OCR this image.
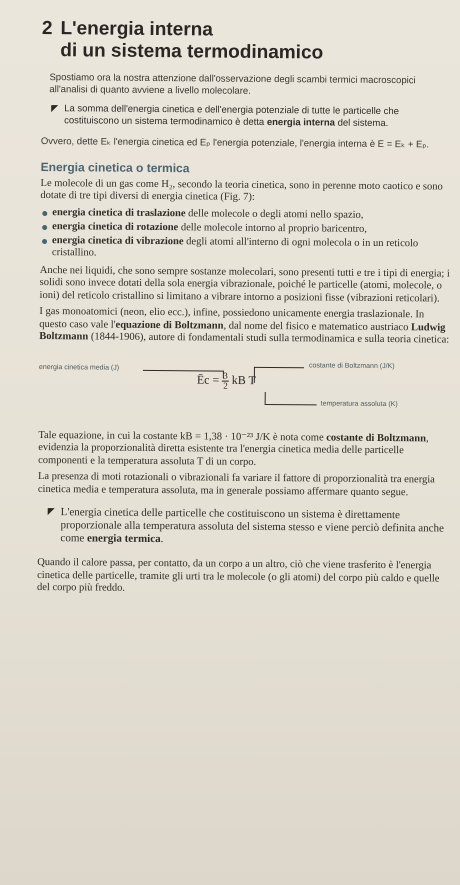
2 L'energia interna
di un sistema termodinamico

Spostiamo ora la nostra attenzione dall'osservazione degli scambi termici macroscopici all'analisi di quanto avviene a livello molecolare.

La somma dell'energia cinetica e dell'energia potenziale di tutte le particelle che costituiscono un sistema termodinamico è detta energia interna del sistema.

Ovvero, dette Eₖ l'energia cinetica ed Eₚ l'energia potenziale, l'energia interna è E = Eₖ + Eₚ.

Energia cinetica o termica

Le molecole di un gas come H₂, secondo la teoria cinetica, sono in perenne moto caotico e sono dotate di tre tipi diversi di energia cinetica (Fig. 7):

energia cinetica di traslazione delle molecole o degli atomi nello spazio,
energia cinetica di rotazione delle molecole intorno al proprio baricentro,
energia cinetica di vibrazione degli atomi all'interno di ogni molecola o in un reticolo cristallino.

Anche nei liquidi, che sono sempre sostanze molecolari, sono presenti tutti e tre i tipi di energia; i solidi sono invece dotati della sola energia vibrazionale, poiché le particelle (atomi, molecole, o ioni) del reticolo cristallino si limitano a vibrare intorno a posizioni fisse (vibrazioni reticolari).

I gas monoatomici (neon, elio ecc.), infine, possiedono unicamente energia traslazionale. In questo caso vale l'equazione di Boltzmann, dal nome del fisico e matematico austriaco Ludwig Boltzmann (1844-1906), autore di fondamentali studi sulla termodinamica e sulla teoria cinetica:

energia cinetica media (J)	costante di Boltzmann (J/K)
temperatura assoluta (K)
Ēc = $\frac{3}{2}$ kB T

Tale equazione, in cui la costante kB = 1,38 · 10⁻²³ J/K è nota come costante di Boltzmann, evidenzia la proporzionalità diretta esistente tra l'energia cinetica media delle particelle componenti e la temperatura assoluta T di un corpo.

La presenza di moti rotazionali o vibrazionali fa variare il fattore di proporzionalità tra energia cinetica media e temperatura assoluta, ma in generale possiamo affermare quanto segue.

L'energia cinetica delle particelle che costituiscono un sistema è direttamente proporzionale alla temperatura assoluta del sistema stesso e viene perciò definita anche come energia termica.

Quando il calore passa, per contatto, da un corpo a un altro, ciò che viene trasferito è l'energia cinetica delle particelle, tramite gli urti tra le molecole (o gli atomi) del corpo più caldo e quelle del corpo più freddo.
